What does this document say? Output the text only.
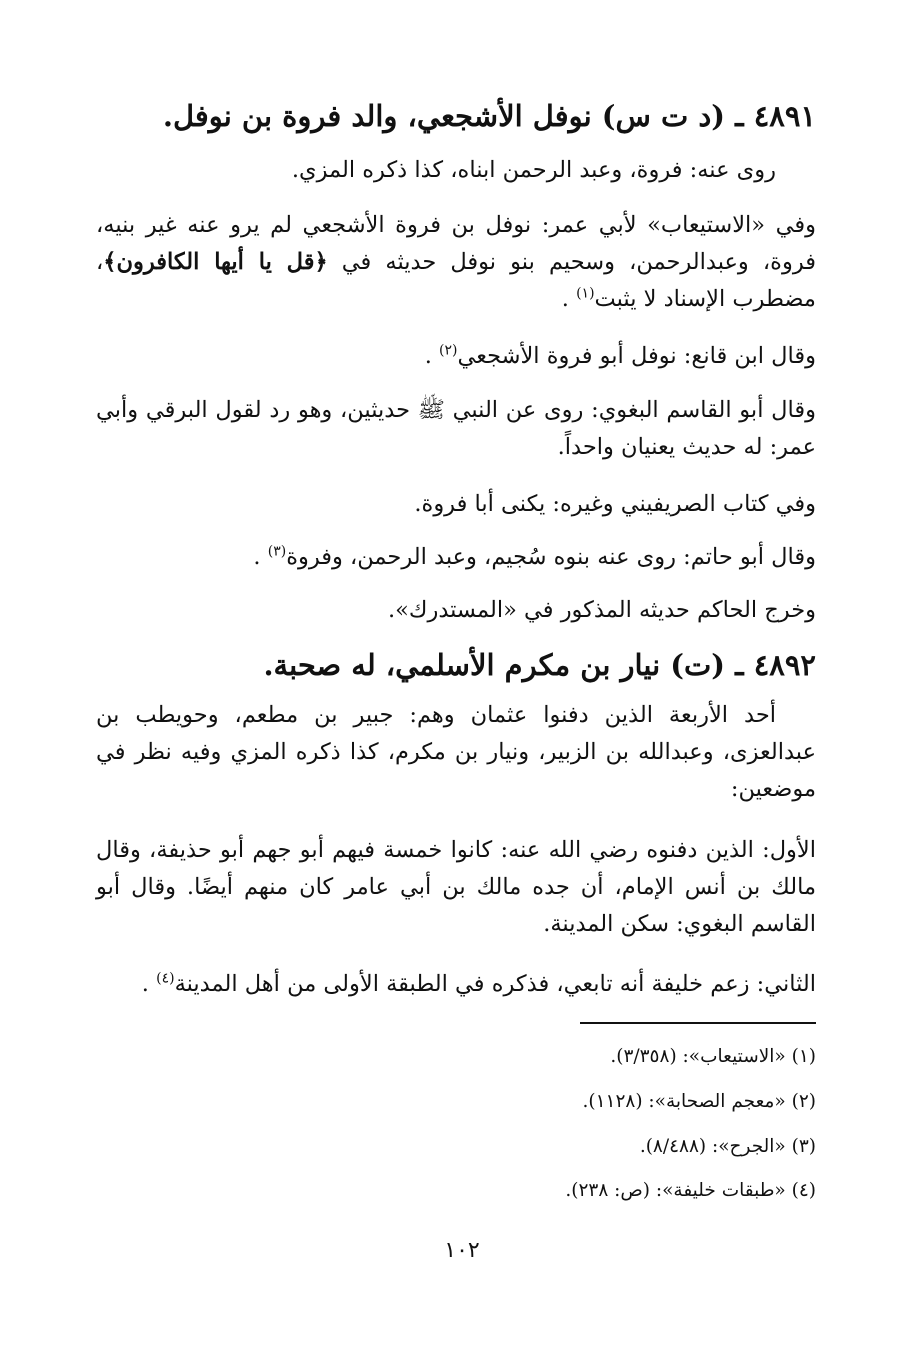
٤٨٩١ ـ (د ت س) نوفل الأشجعي، والد فروة بن نوفل.

روى عنه: فروة، وعبد الرحمن ابناه، كذا ذكره المزي.

وفي «الاستيعاب» لأبي عمر: نوفل بن فروة الأشجعي لم يرو عنه غير بنيه، فروة، وعبدالرحمن، وسحيم بنو نوفل حديثه في ﴿قل يا أيها الكافرون﴾، مضطرب الإسناد لا يثبت$^{(١)}$ .

وقال ابن قانع: نوفل أبو فروة الأشجعي$^{(٢)}$ .

وقال أبو القاسم البغوي: روى عن النبي ﷺ حديثين، وهو رد لقول البرقي وأبي عمر: له حديث يعنيان واحداً.

وفي كتاب الصريفيني وغيره: يكنى أبا فروة.

وقال أبو حاتم: روى عنه بنوه سُجيم، وعبد الرحمن، وفروة$^{(٣)}$ .

وخرج الحاكم حديثه المذكور في «المستدرك».

٤٨٩٢ ـ (ت) نيار بن مكرم الأسلمي، له صحبة.

أحد الأربعة الذين دفنوا عثمان وهم: جبير بن مطعم، وحويطب بن عبدالعزى، وعبدالله بن الزبير، ونيار بن مكرم، كذا ذكره المزي وفيه نظر في موضعين:

الأول: الذين دفنوه رضي الله عنه: كانوا خمسة فيهم أبو جهم أبو حذيفة، وقال مالك بن أنس الإمام، أن جده مالك بن أبي عامر كان منهم أيضًا. وقال أبو القاسم البغوي: سكن المدينة.

الثاني: زعم خليفة أنه تابعي، فذكره في الطبقة الأولى من أهل المدينة$^{(٤)}$ .

(١) «الاستيعاب»: (٣/٣٥٨).

(٢) «معجم الصحابة»: (١١٢٨).

(٣) «الجرح»: (٨/٤٨٨).

(٤) «طبقات خليفة»: (ص: ٢٣٨).

١٠٢
